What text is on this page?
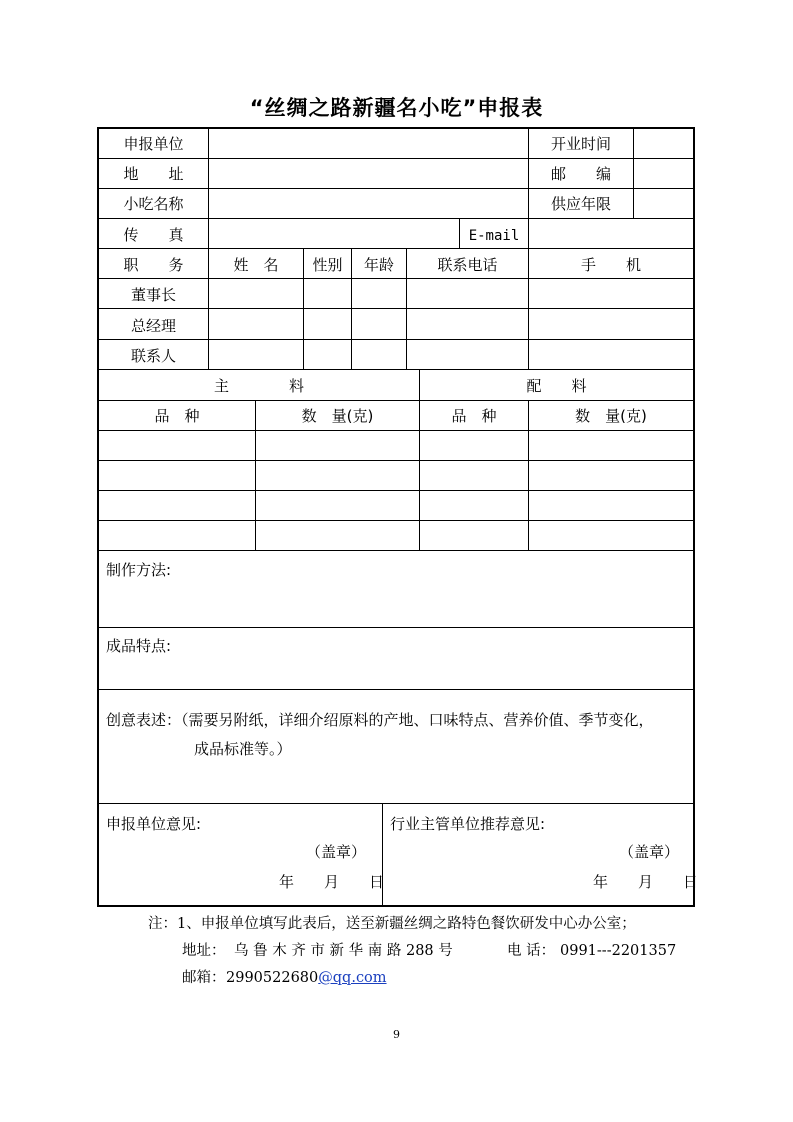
“丝绸之路新疆名小吃”申报表
申报单位	开业时间
地　　址	邮　　编
小吃名称	供应年限
传　　真	E-mail
职　　务	姓　名	性别	年龄	联系电话	手　　机
董事长
总经理
联系人
主　　　　料	配　　料
品　种	数　量(克)	品　种	数　量(克)
制作方法:
成品特点:
创意表述：（需要另附纸，详细介绍原料的产地、口味特点、营养价值、季节变化，
成品标准等。）
申报单位意见:
（盖章）
年　　月　　日
行业主管单位推荐意见:
（盖章）
年　　月　　日
注：1、申报单位填写此表后，送至新疆丝绸之路特色餐饮研发中心办公室；
地址： 乌 鲁 木 齐 市 新 华 南 路 288 号	电 话： 0991---2201357
邮箱： 2990522680@qq.com
9
